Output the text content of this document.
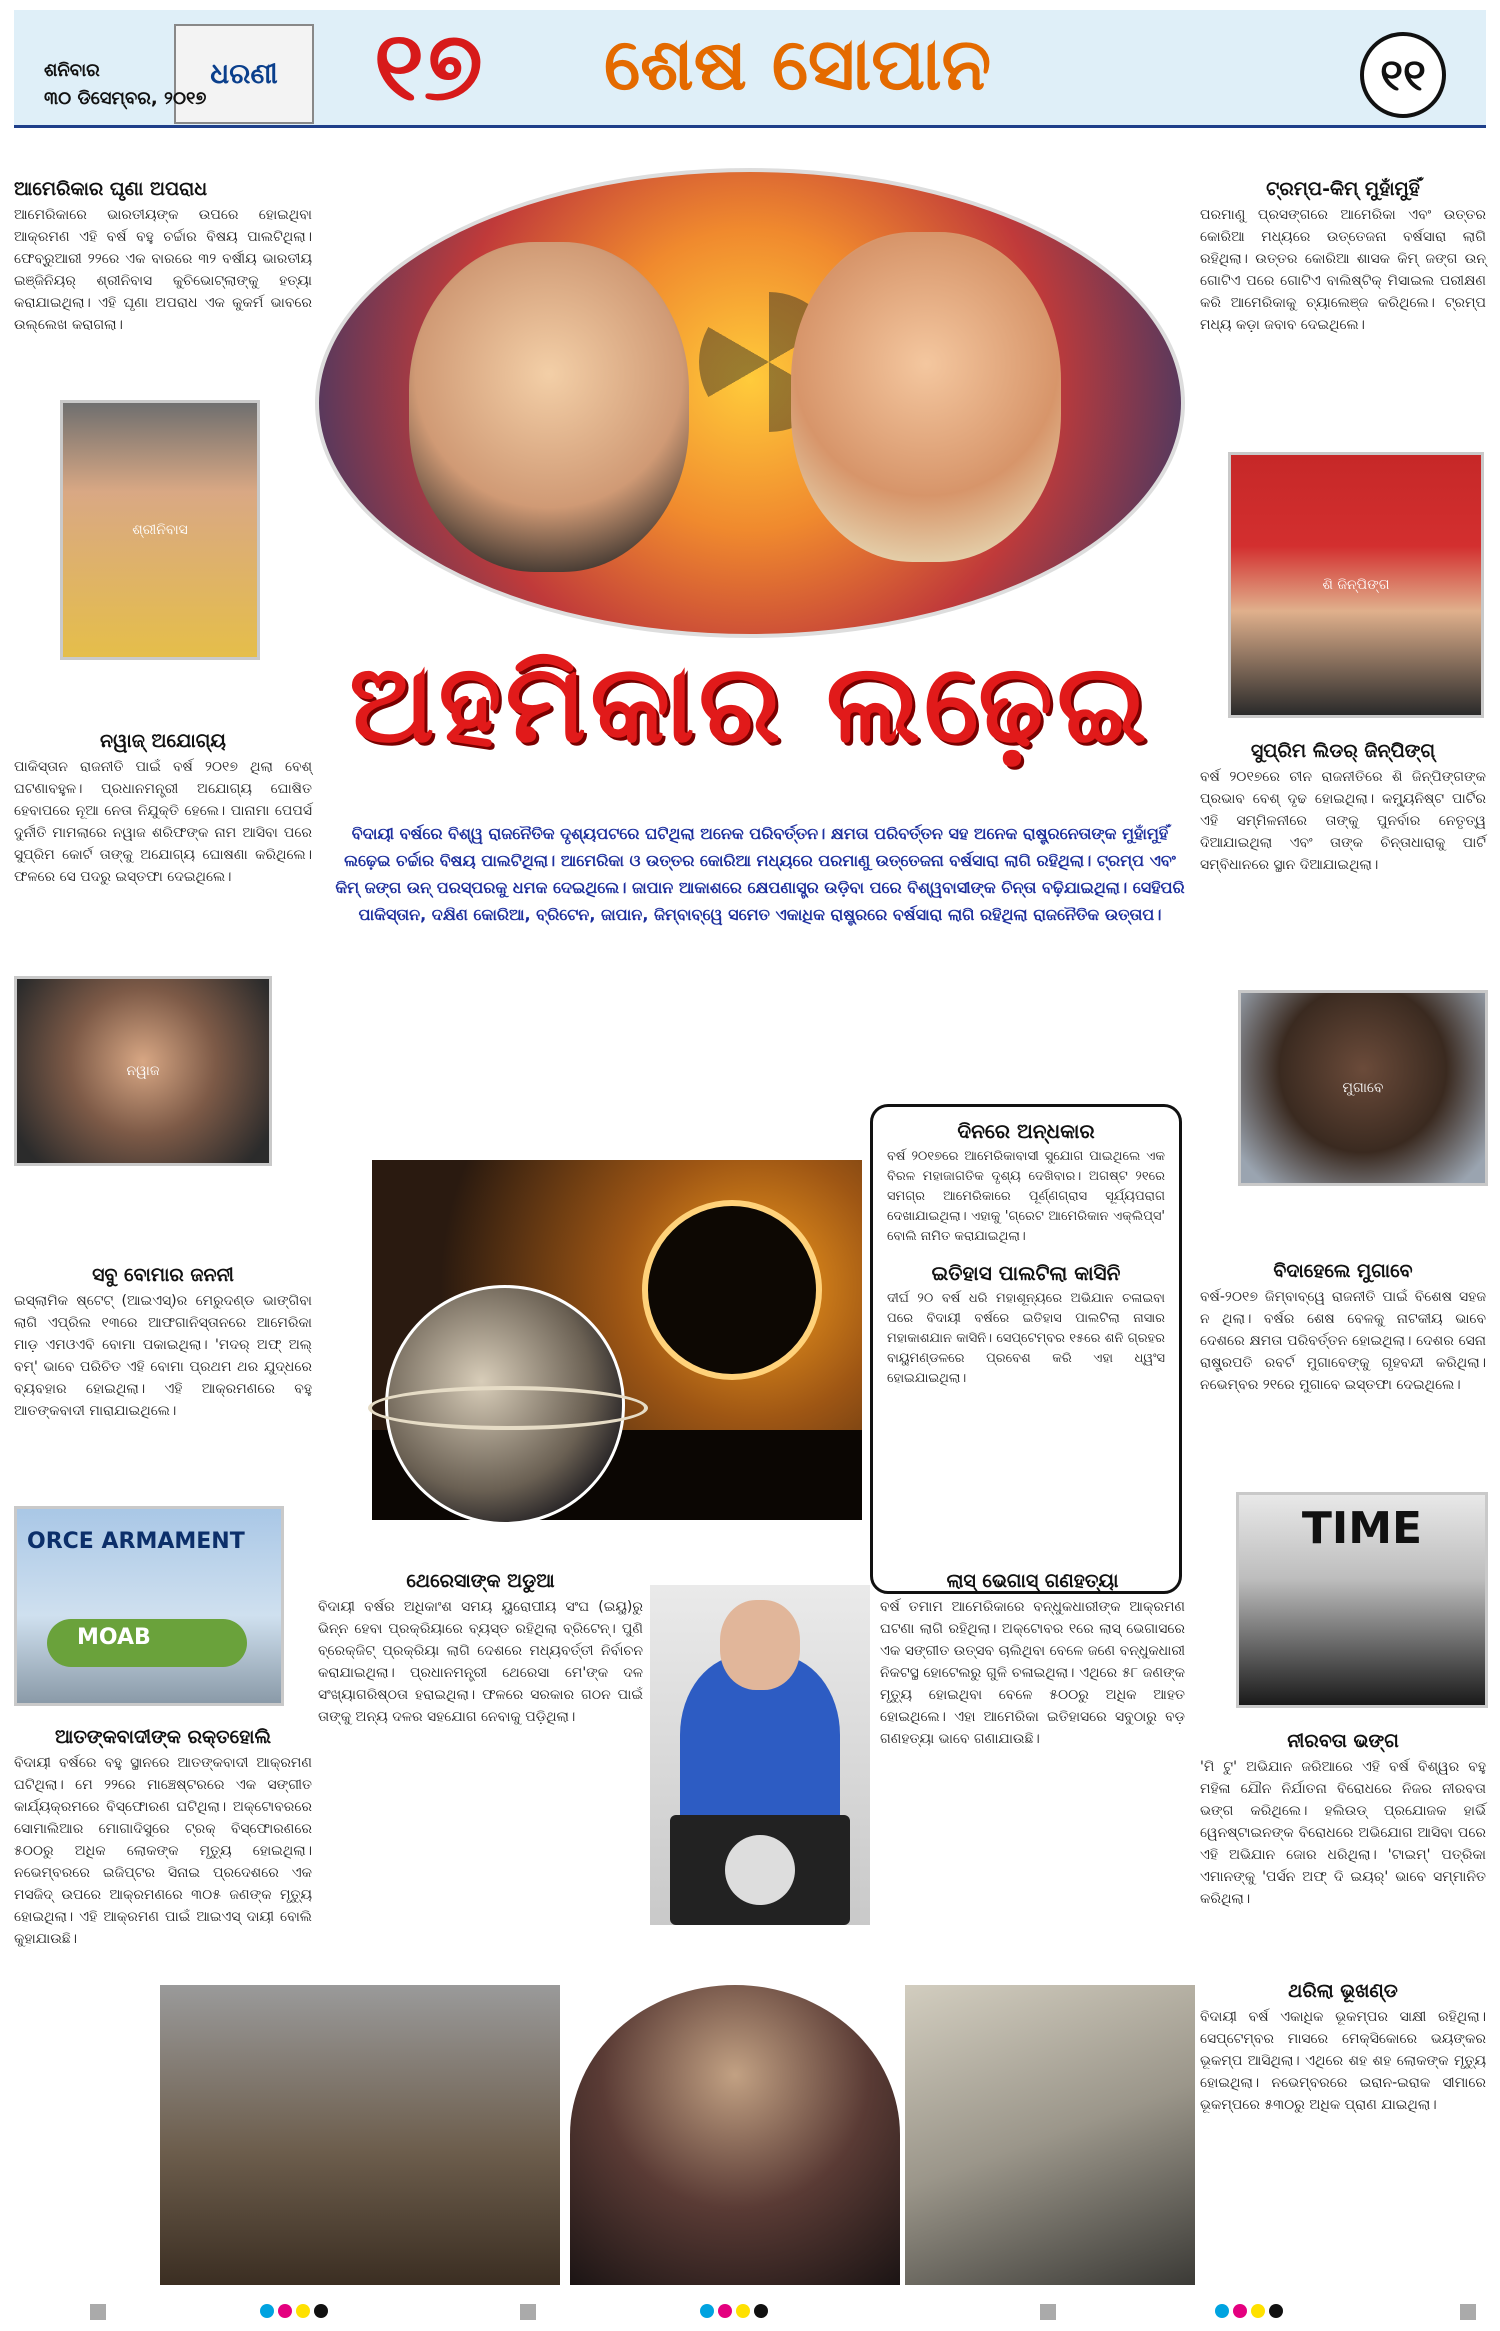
ଧରଣୀ
ଶନିବାର
୩୦ ଡିସେମ୍ବର, ୨୦୧୭ ୧୭ ଶେଷ ସୋପାନ	୧୧
ଆମେରିକାର ଘୃଣା ଅପରାଧ
ଆମେରିକାରେ ଭାରତୀୟଙ୍କ ଉପରେ ହୋଇଥିବା ଆକ୍ରମଣ ଏହି ବର୍ଷ ବହୁ ଚର୍ଚ୍ଚାର ବିଷୟ ପାଲଟିଥିଲା। ଫେବ୍ରୁଆରୀ ୨୨ରେ ଏକ ବାରରେ ୩୨ ବର୍ଷୀୟ ଭାରତୀୟ ଇଞ୍ଜିନିୟର୍ ଶ୍ରୀନିବାସ କୁଚିଭୋଟ୍ଲାଙ୍କୁ ହତ୍ୟା କରାଯାଇଥିଲା। ଏହି ଘୃଣା ଅପରାଧ ଏକ କୁକର୍ମ ଭାବରେ ଉଲ୍ଲେଖ କରାଗଲା।
ଶ୍ରୀନିବାସ
ନୱାଜ୍ ଅଯୋଗ୍ୟ
ପାକିସ୍ତାନ ରାଜନୀତି ପାଇଁ ବର୍ଷ ୨୦୧୭ ଥିଲା ବେଶ୍ ଘଟଣାବହୁଳ। ପ୍ରଧାନମନ୍ତ୍ରୀ ଅଯୋଗ୍ୟ ଘୋଷିତ ହେବାପରେ ନୂଆ ନେତା ନିଯୁକ୍ତି ହେଲେ। ପାନାମା ପେପର୍ସ ଦୁର୍ନୀତି ମାମଲାରେ ନୱାଜ ଶରିଫଙ୍କ ନାମ ଆସିବା ପରେ ସୁପ୍ରିମ କୋର୍ଟ ତାଙ୍କୁ ଅଯୋଗ୍ୟ ଘୋଷଣା କରିଥିଲେ। ଫଳରେ ସେ ପଦରୁ ଇସ୍ତଫା ଦେଇଥିଲେ।
ନୱାଜ
ସବୁ ବୋମାର ଜନନୀ
ଇସ୍‌ଲାମିକ ଷ୍ଟେଟ୍ (ଆଇଏସ୍)ର ମେରୁଦଣ୍ଡ ଭାଙ୍ଗିବା ଲାଗି ଏପ୍ରିଲ ୧୩ରେ ଆଫଗାନିସ୍ତାନରେ ଆମେରିକା ମାଡ଼ ଏମଓଏବି ବୋମା ପକାଇଥିଲା। 'ମଦର୍ ଅଫ୍ ଅଲ୍ ବମ୍' ଭାବେ ପରିଚିତ ଏହି ବୋମା ପ୍ରଥମ ଥର ଯୁଦ୍ଧରେ ବ୍ୟବହାର ହୋଇଥିଲା। ଏହି ଆକ୍ରମଣରେ ବହୁ ଆତଙ୍କବାଦୀ ମାରାଯାଇଥିଲେ।
ORCE ARMAMENT
MOAB
ଆତଙ୍କବାଦୀଙ୍କ ରକ୍ତହୋଲି
ବିଦାୟୀ ବର୍ଷରେ ବହୁ ସ୍ଥାନରେ ଆତଙ୍କବାଦୀ ଆକ୍ରମଣ ଘଟିଥିଲା। ମେ ୨୨ରେ ମାଞ୍ଚେଷ୍ଟରରେ ଏକ ସଙ୍ଗୀତ କାର୍ଯ୍ୟକ୍ରମରେ ବିସ୍ଫୋରଣ ଘଟିଥିଲା। ଅକ୍ଟୋବରରେ ସୋମାଲିଆର ମୋଗାଦିସୁରେ ଟ୍ରକ୍ ବିସ୍ଫୋରଣରେ ୫୦୦ରୁ ଅଧିକ ଲୋକଙ୍କ ମୃତ୍ୟୁ ହୋଇଥିଲା। ନଭେମ୍ବରରେ ଇଜିପ୍ଟର ସିନାଇ ପ୍ରଦେଶରେ ଏକ ମସଜିଦ୍ ଉପରେ ଆକ୍ରମଣରେ ୩୦୫ ଜଣଙ୍କ ମୃତ୍ୟୁ ହୋଇଥିଲା। ଏହି ଆକ୍ରମଣ ପାଇଁ ଆଇଏସ୍ ଦାୟୀ ବୋଲି କୁହାଯାଉଛି।
ଅହମିକାର ଲଢ଼େଇ
ବିଦାୟୀ ବର୍ଷରେ ବିଶ୍ୱ ରାଜନୈତିକ ଦୃଶ୍ୟପଟରେ ଘଟିଥିଲା ଅନେକ ପରିବର୍ତ୍ତନ। କ୍ଷମତା ପରିବର୍ତ୍ତନ ସହ ଅନେକ ରାଷ୍ଟ୍ରନେତାଙ୍କ ମୁହାଁମୁହିଁ ଲଢ଼େଇ ଚର୍ଚ୍ଚାର ବିଷୟ ପାଲଟିଥିଲା। ଆମେରିକା ଓ ଉତ୍ତର କୋରିଆ ମଧ୍ୟରେ ପରମାଣୁ ଉତ୍ତେଜନା ବର୍ଷସାରା ଲାଗି ରହିଥିଲା। ଟ୍ରମ୍ପ ଏବଂ କିମ୍ ଜଙ୍ଗ ଉନ୍ ପରସ୍ପରକୁ ଧମକ ଦେଇଥିଲେ। ଜାପାନ ଆକାଶରେ କ୍ଷେପଣାସ୍ତ୍ର ଉଡ଼ିବା ପରେ ବିଶ୍ୱବାସୀଙ୍କ ଚିନ୍ତା ବଢ଼ିଯାଇଥିଲା। ସେହିପରି ପାକିସ୍ତାନ, ଦକ୍ଷିଣ କୋରିଆ, ବ୍ରିଟେନ, ଜାପାନ, ଜିମ୍ବାବ୍ୱେ ସମେତ ଏକାଧିକ ରାଷ୍ଟ୍ରରେ ବର୍ଷସାରା ଲାଗି ରହିଥିଲା ରାଜନୈତିକ ଉତ୍ତାପ।
ଦିନରେ ଅନ୍ଧକାର
ବର୍ଷ ୨୦୧୭ରେ ଆମେରିକାବାସୀ ସୁଯୋଗ ପାଇଥିଲେ ଏକ ବିରଳ ମହାଜାଗତିକ ଦୃଶ୍ୟ ଦେଖିବାର। ଅଗଷ୍ଟ ୨୧ରେ ସମଗ୍ର ଆମେରିକାରେ ପୂର୍ଣ୍ଣଗ୍ରାସ ସୂର୍ଯ୍ୟପରାଗ ଦେଖାଯାଇଥିଲା। ଏହାକୁ 'ଗ୍ରେଟ ଆମେରିକାନ ଏକ୍ଲିପ୍ସ' ବୋଲି ନାମିତ କରାଯାଇଥିଲା।
ଇତିହାସ ପାଲଟିଲା କାସିନି
ଦୀର୍ଘ ୨୦ ବର୍ଷ ଧରି ମହାଶୂନ୍ୟରେ ଅଭିଯାନ ଚଳାଇବା ପରେ ବିଦାୟୀ ବର୍ଷରେ ଇତିହାସ ପାଲଟିଲା ନାସାର ମହାକାଶଯାନ କାସିନି। ସେପ୍ଟେମ୍ବର ୧୫ରେ ଶନି ଗ୍ରହର ବାୟୁମଣ୍ଡଳରେ ପ୍ରବେଶ କରି ଏହା ଧ୍ୱଂସ ହୋଇଯାଇଥିଲା।
ଥେରେସାଙ୍କ ଅଡୁଆ
ବିଦାୟୀ ବର୍ଷର ଅଧିକାଂଶ ସମୟ ୟୁରୋପୀୟ ସଂଘ (ଇୟୁ)ରୁ ଭିନ୍ନ ହେବା ପ୍ରକ୍ରିୟାରେ ବ୍ୟସ୍ତ ରହିଥିଲା ବ୍ରିଟେନ୍। ପୁଣି ବ୍ରେକ୍‌ଜିଟ୍ ପ୍ରକ୍ରିୟା ଲାଗି ଦେଶରେ ମଧ୍ୟବର୍ତ୍ତୀ ନିର୍ବାଚନ କରାଯାଇଥିଲା। ପ୍ରଧାନମନ୍ତ୍ରୀ ଥେରେସା ମେ'ଙ୍କ ଦଳ ସଂଖ୍ୟାଗରିଷ୍ଠତା ହରାଇଥିଲା। ଫଳରେ ସରକାର ଗଠନ ପାଇଁ ତାଙ୍କୁ ଅନ୍ୟ ଦଳର ସହଯୋଗ ନେବାକୁ ପଡ଼ିଥିଲା।
ଲାସ୍ ଭେଗାସ୍ ଗଣହତ୍ୟା
ବର୍ଷ ତମାମ ଆମେରିକାରେ ବନ୍ଧୁକଧାରୀଙ୍କ ଆକ୍ରମଣ ଘଟଣା ଲାଗି ରହିଥିଲା। ଅକ୍ଟୋବର ୧ରେ ଲାସ୍ ଭେଗାସରେ ଏକ ସଙ୍ଗୀତ ଉତ୍ସବ ଚାଲିଥିବା ବେଳେ ଜଣେ ବନ୍ଧୁକଧାରୀ ନିକଟସ୍ଥ ହୋଟେଲରୁ ଗୁଳି ଚଳାଇଥିଲା। ଏଥିରେ ୫୮ ଜଣଙ୍କ ମୃତ୍ୟୁ ହୋଇଥିବା ବେଳେ ୫୦୦ରୁ ଅଧିକ ଆହତ ହୋଇଥିଲେ। ଏହା ଆମେରିକା ଇତିହାସରେ ସବୁଠାରୁ ବଡ଼ ଗଣହତ୍ୟା ଭାବେ ଗଣାଯାଉଛି।
ଟ୍ରମ୍ପ-କିମ୍ ମୁହାଁମୁହିଁ
ପରମାଣୁ ପ୍ରସଙ୍ଗରେ ଆମେରିକା ଏବଂ ଉତ୍ତର କୋରିଆ ମଧ୍ୟରେ ଉତ୍ତେଜନା ବର୍ଷସାରା ଲାଗି ରହିଥିଲା। ଉତ୍ତର କୋରିଆ ଶାସକ କିମ୍ ଜଙ୍ଗ ଉନ୍ ଗୋଟିଏ ପରେ ଗୋଟିଏ ବାଲିଷ୍ଟିକ୍ ମିସାଇଲ ପରୀକ୍ଷଣ କରି ଆମେରିକାକୁ ଚ୍ୟାଲେଞ୍ଜ କରିଥିଲେ। ଟ୍ରମ୍ପ ମଧ୍ୟ କଡ଼ା ଜବାବ ଦେଇଥିଲେ।
ଶି ଜିନ୍‌ପିଙ୍ଗ
ସୁପ୍ରିମ ଲିଡର୍ ଜିନ୍‌ପିଙ୍ଗ୍
ବର୍ଷ ୨୦୧୭ରେ ଚୀନ ରାଜନୀତିରେ ଶି ଜିନ୍‌ପିଙ୍ଗଙ୍କ ପ୍ରଭାବ ବେଶ୍ ଦୃଢ ହୋଇଥିଲା। କମ୍ୟୁନିଷ୍ଟ ପାର୍ଟିର ଏହି ସମ୍ମିଳନୀରେ ତାଙ୍କୁ ପୁନର୍ବାର ନେତୃତ୍ୱ ଦିଆଯାଇଥିଲା ଏବଂ ତାଙ୍କ ଚିନ୍ତାଧାରାକୁ ପାର୍ଟି ସମ୍ବିଧାନରେ ସ୍ଥାନ ଦିଆଯାଇଥିଲା।
ମୁଗାବେ
ବିଦାହେଲେ ମୁଗାବେ
ବର୍ଷ-୨୦୧୭ ଜିମ୍ବାବ୍ୱେ ରାଜନୀତି ପାଇଁ ବିଶେଷ ସହଜ ନ ଥିଲା। ବର୍ଷର ଶେଷ ବେଳକୁ ନାଟକୀୟ ଭାବେ ଦେଶରେ କ୍ଷମତା ପରିବର୍ତ୍ତନ ହୋଇଥିଲା। ଦେଶର ସେନା ରାଷ୍ଟ୍ରପତି ରବର୍ଟ ମୁଗାବେଙ୍କୁ ଗୃହବନ୍ଦୀ କରିଥିଲା। ନଭେମ୍ବର ୨୧ରେ ମୁଗାବେ ଇସ୍ତଫା ଦେଇଥିଲେ।
TIME
ନୀରବତା ଭଙ୍ଗ
'ମି ଟୁ' ଅଭିଯାନ ଜରିଆରେ ଏହି ବର୍ଷ ବିଶ୍ୱର ବହୁ ମହିଳା ଯୌନ ନିର୍ଯାତନା ବିରୋଧରେ ନିଜର ନୀରବତା ଭଙ୍ଗ କରିଥିଲେ। ହଲିଉଡ୍ ପ୍ରଯୋଜକ ହାର୍ଭି ୱେନଷ୍ଟାଇନଙ୍କ ବିରୋଧରେ ଅଭିଯୋଗ ଆସିବା ପରେ ଏହି ଅଭିଯାନ ଜୋର ଧରିଥିଲା। 'ଟାଇମ୍' ପତ୍ରିକା ଏମାନଙ୍କୁ 'ପର୍ସନ ଅଫ୍ ଦି ଇୟର୍' ଭାବେ ସମ୍ମାନିତ କରିଥିଲା।
ଥରିଲା ଭୂଖଣ୍ଡ
ବିଦାୟୀ ବର୍ଷ ଏକାଧିକ ଭୂକମ୍ପର ସାକ୍ଷୀ ରହିଥିଲା। ସେପ୍ଟେମ୍ବର ମାସରେ ମେକ୍ସିକୋରେ ଭୟଙ୍କର ଭୂକମ୍ପ ଆସିଥିଲା। ଏଥିରେ ଶହ ଶହ ଲୋକଙ୍କ ମୃତ୍ୟୁ ହୋଇଥିଲା। ନଭେମ୍ବରରେ ଇରାନ-ଇରାକ ସୀମାରେ ଭୂକମ୍ପରେ ୫୩୦ରୁ ଅଧିକ ପ୍ରାଣ ଯାଇଥିଲା।
